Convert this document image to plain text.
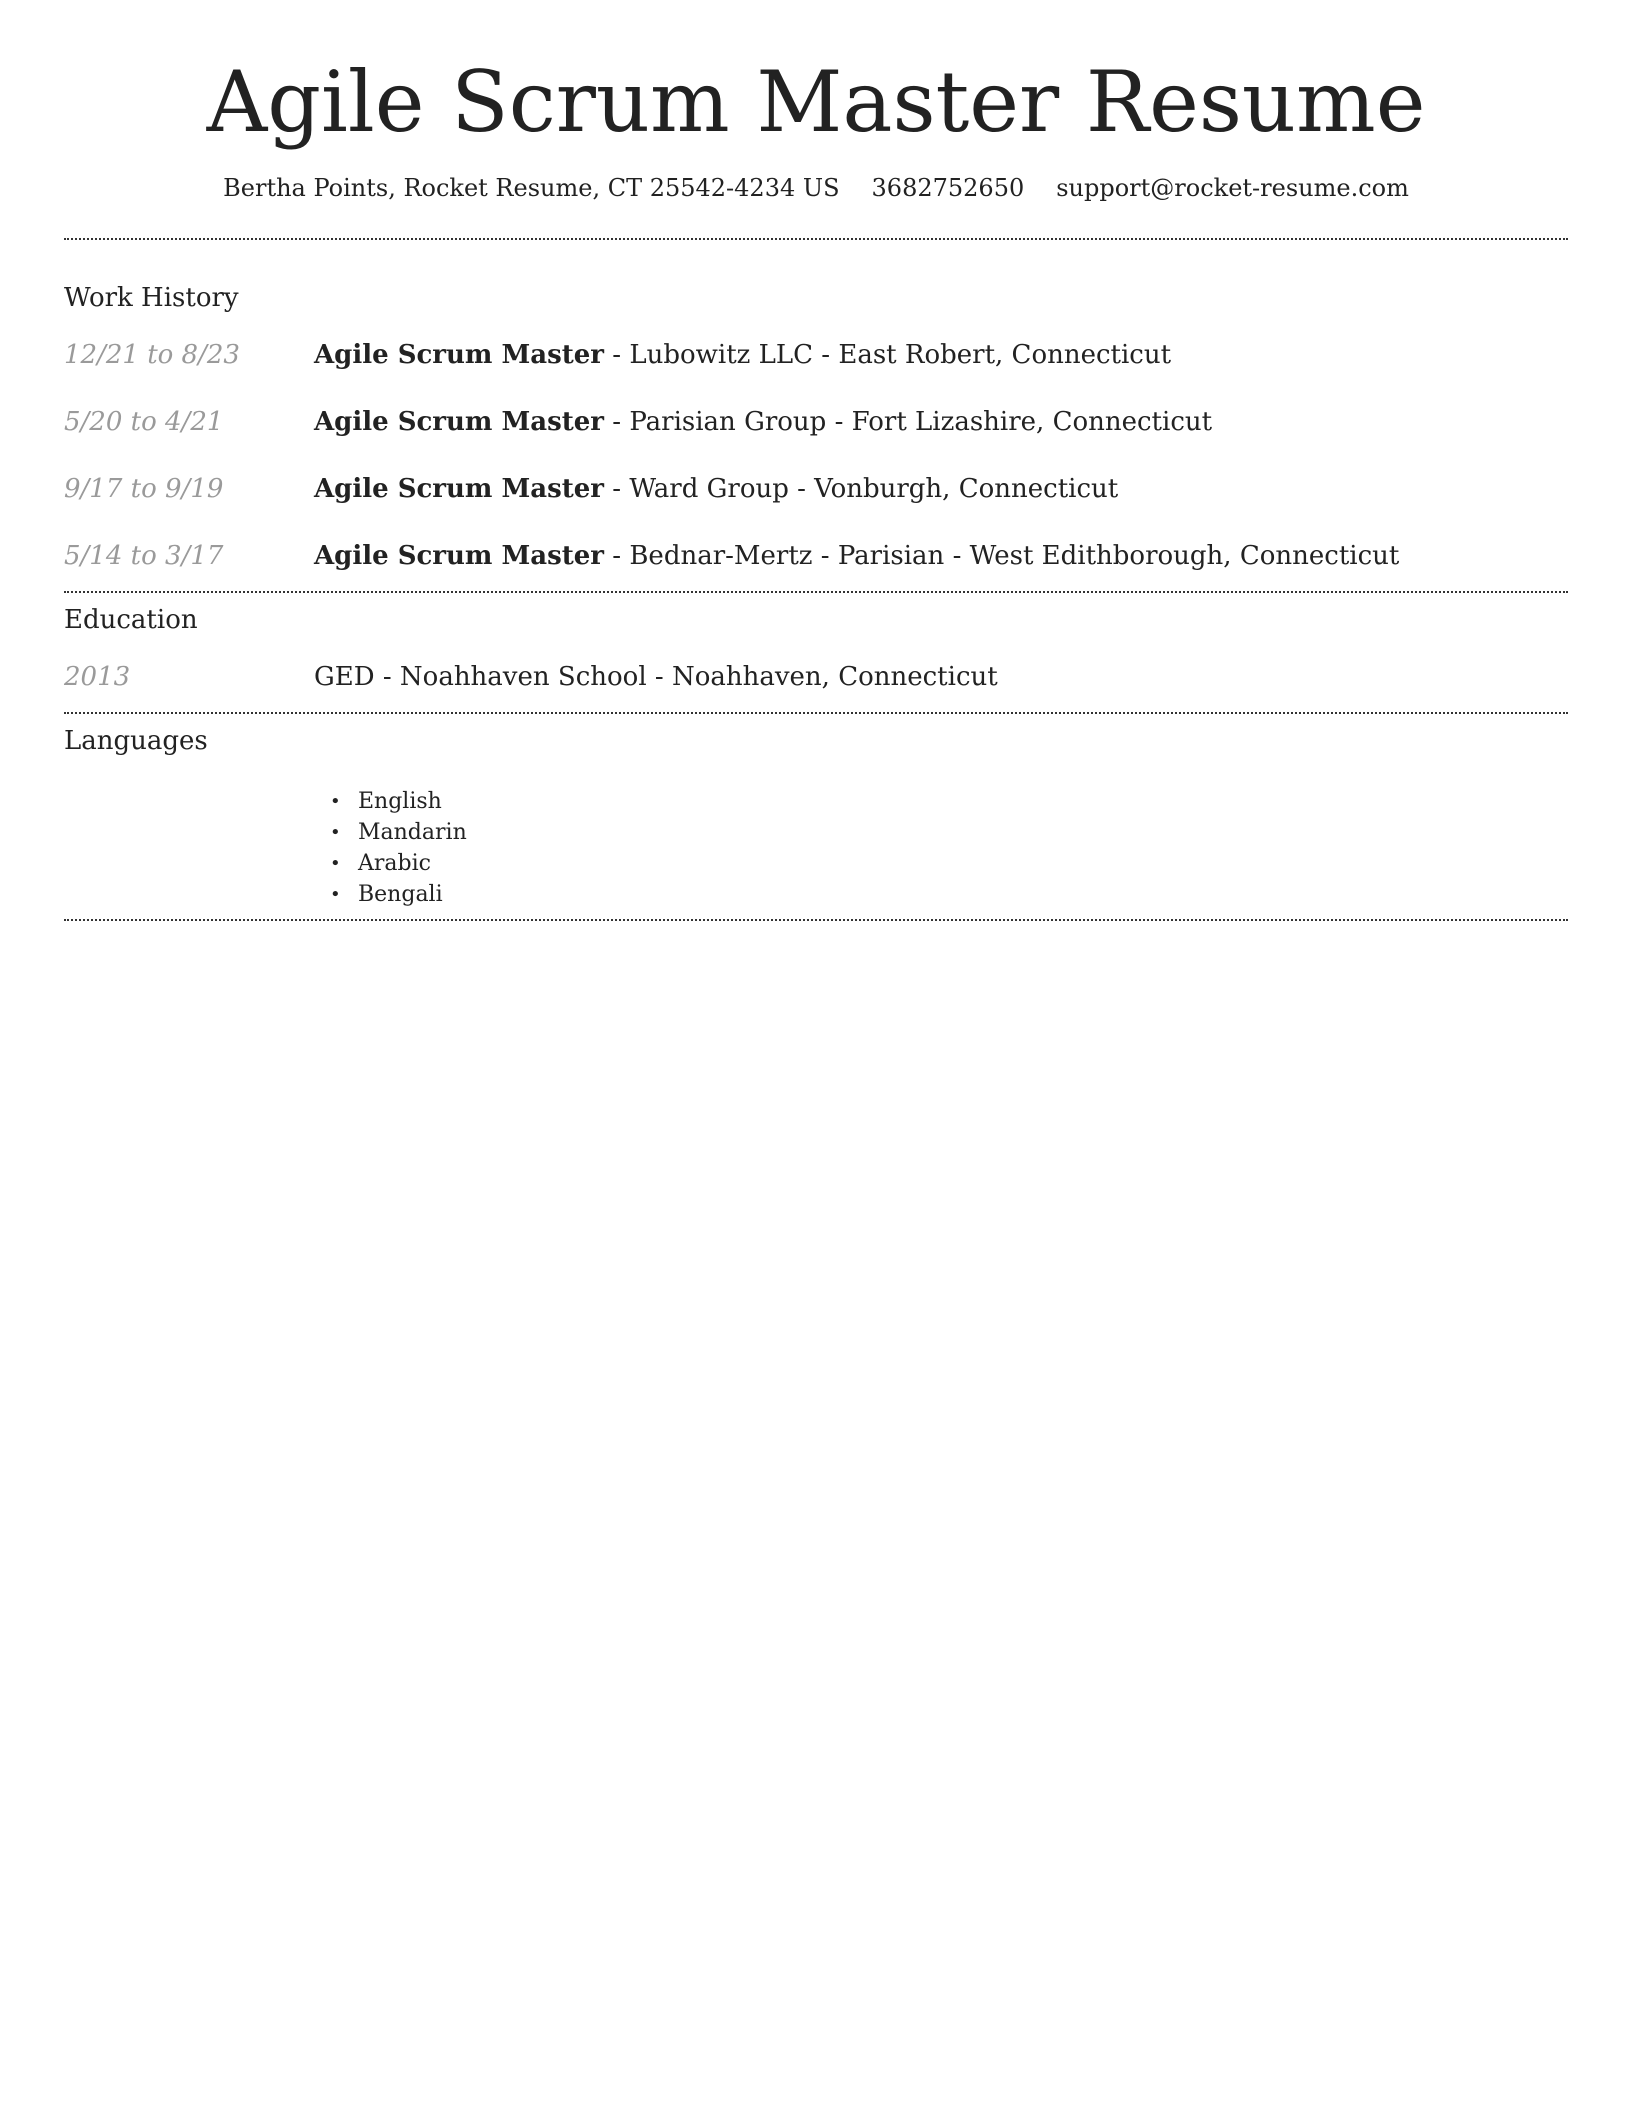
Agile Scrum Master Resume
Bertha Points, Rocket Resume, CT 25542-4234 US 3682752650 support@rocket-resume.com
Work History
12/21 to 8/23	Agile Scrum Master - Lubowitz LLC - East Robert, Connecticut
5/20 to 4/21	Agile Scrum Master - Parisian Group - Fort Lizashire, Connecticut
9/17 to 9/19	Agile Scrum Master - Ward Group - Vonburgh, Connecticut
5/14 to 3/17	Agile Scrum Master - Bednar-Mertz - Parisian - West Edithborough, Connecticut
Education
2013	GED - Noahhaven School - Noahhaven, Connecticut
Languages
• English
• Mandarin
• Arabic
• Bengali
